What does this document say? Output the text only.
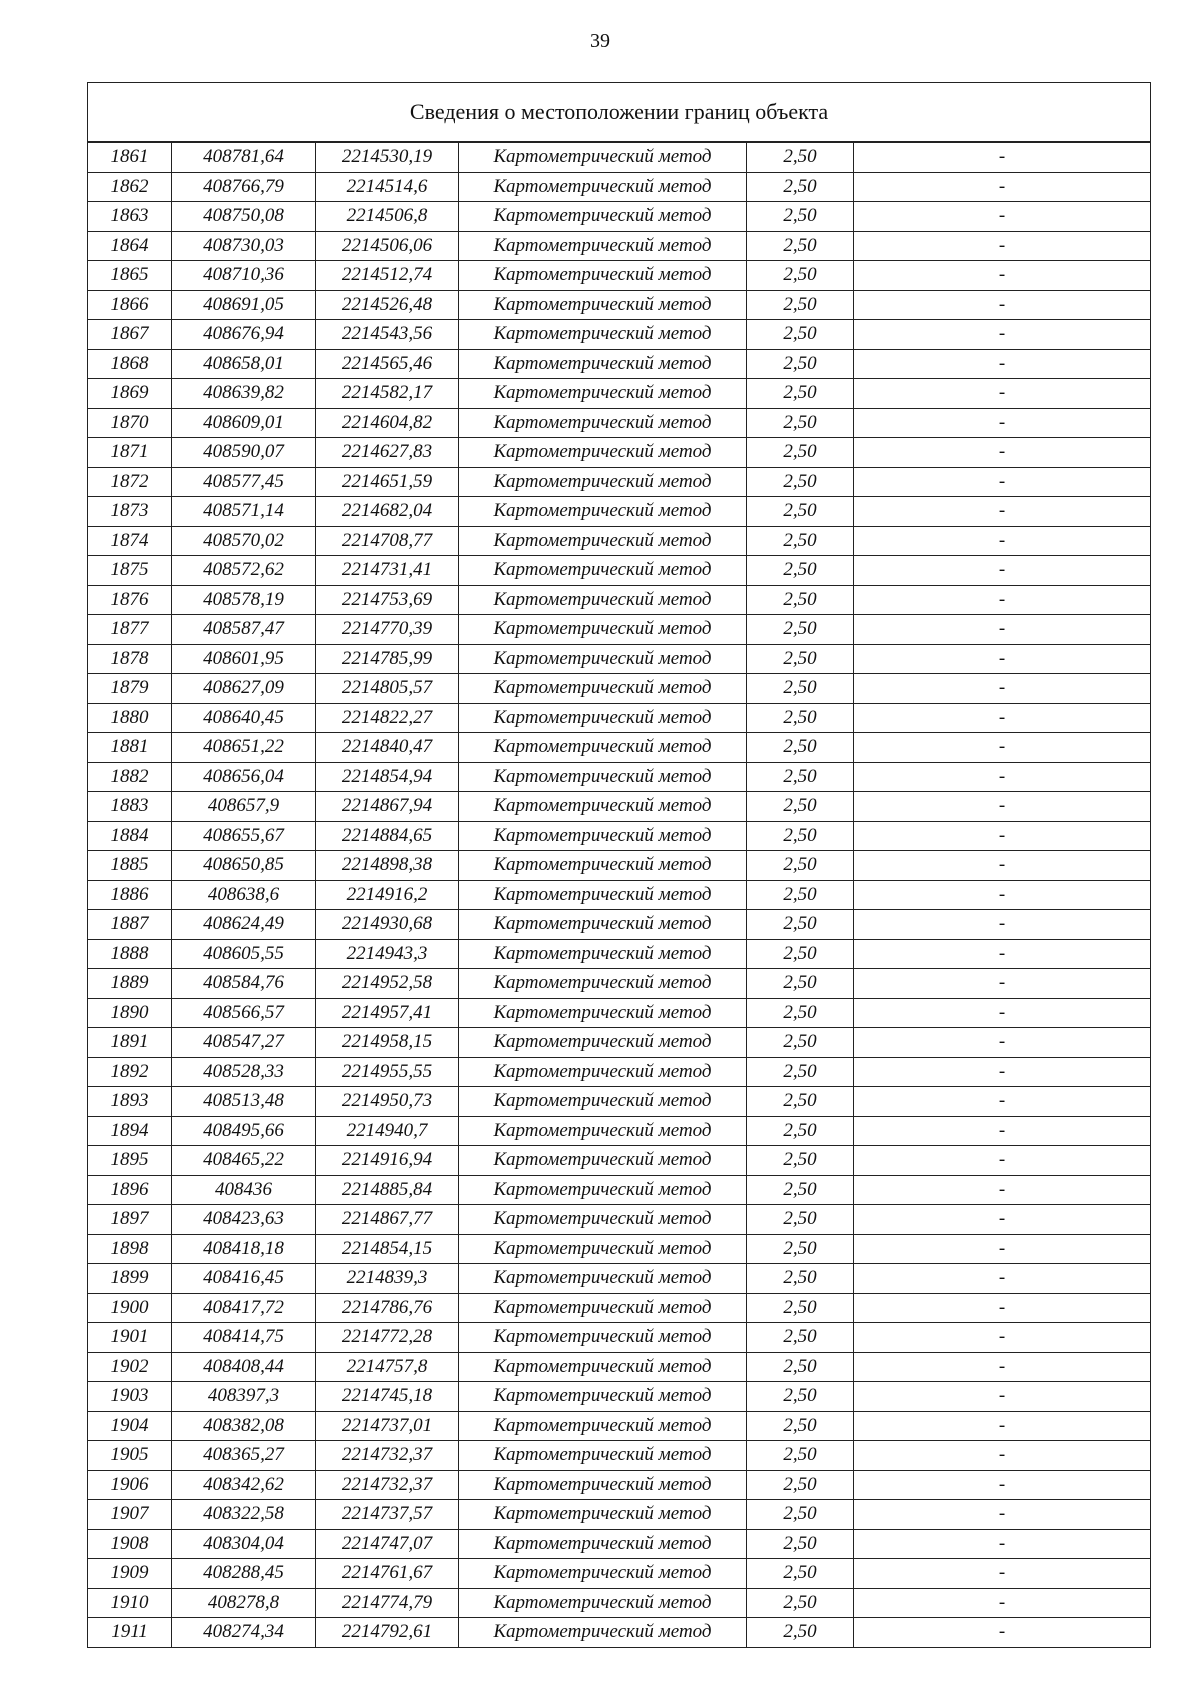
39
Сведения о местоположении границ объекта					
1861	408781,64	2214530,19	Картометрический метод	2,50	-
1862	408766,79	2214514,6	Картометрический метод	2,50	-
1863	408750,08	2214506,8	Картометрический метод	2,50	-
1864	408730,03	2214506,06	Картометрический метод	2,50	-
1865	408710,36	2214512,74	Картометрический метод	2,50	-
1866	408691,05	2214526,48	Картометрический метод	2,50	-
1867	408676,94	2214543,56	Картометрический метод	2,50	-
1868	408658,01	2214565,46	Картометрический метод	2,50	-
1869	408639,82	2214582,17	Картометрический метод	2,50	-
1870	408609,01	2214604,82	Картометрический метод	2,50	-
1871	408590,07	2214627,83	Картометрический метод	2,50	-
1872	408577,45	2214651,59	Картометрический метод	2,50	-
1873	408571,14	2214682,04	Картометрический метод	2,50	-
1874	408570,02	2214708,77	Картометрический метод	2,50	-
1875	408572,62	2214731,41	Картометрический метод	2,50	-
1876	408578,19	2214753,69	Картометрический метод	2,50	-
1877	408587,47	2214770,39	Картометрический метод	2,50	-
1878	408601,95	2214785,99	Картометрический метод	2,50	-
1879	408627,09	2214805,57	Картометрический метод	2,50	-
1880	408640,45	2214822,27	Картометрический метод	2,50	-
1881	408651,22	2214840,47	Картометрический метод	2,50	-
1882	408656,04	2214854,94	Картометрический метод	2,50	-
1883	408657,9	2214867,94	Картометрический метод	2,50	-
1884	408655,67	2214884,65	Картометрический метод	2,50	-
1885	408650,85	2214898,38	Картометрический метод	2,50	-
1886	408638,6	2214916,2	Картометрический метод	2,50	-
1887	408624,49	2214930,68	Картометрический метод	2,50	-
1888	408605,55	2214943,3	Картометрический метод	2,50	-
1889	408584,76	2214952,58	Картометрический метод	2,50	-
1890	408566,57	2214957,41	Картометрический метод	2,50	-
1891	408547,27	2214958,15	Картометрический метод	2,50	-
1892	408528,33	2214955,55	Картометрический метод	2,50	-
1893	408513,48	2214950,73	Картометрический метод	2,50	-
1894	408495,66	2214940,7	Картометрический метод	2,50	-
1895	408465,22	2214916,94	Картометрический метод	2,50	-
1896	408436	2214885,84	Картометрический метод	2,50	-
1897	408423,63	2214867,77	Картометрический метод	2,50	-
1898	408418,18	2214854,15	Картометрический метод	2,50	-
1899	408416,45	2214839,3	Картометрический метод	2,50	-
1900	408417,72	2214786,76	Картометрический метод	2,50	-
1901	408414,75	2214772,28	Картометрический метод	2,50	-
1902	408408,44	2214757,8	Картометрический метод	2,50	-
1903	408397,3	2214745,18	Картометрический метод	2,50	-
1904	408382,08	2214737,01	Картометрический метод	2,50	-
1905	408365,27	2214732,37	Картометрический метод	2,50	-
1906	408342,62	2214732,37	Картометрический метод	2,50	-
1907	408322,58	2214737,57	Картометрический метод	2,50	-
1908	408304,04	2214747,07	Картометрический метод	2,50	-
1909	408288,45	2214761,67	Картометрический метод	2,50	-
1910	408278,8	2214774,79	Картометрический метод	2,50	-
1911	408274,34	2214792,61	Картометрический метод	2,50	-
